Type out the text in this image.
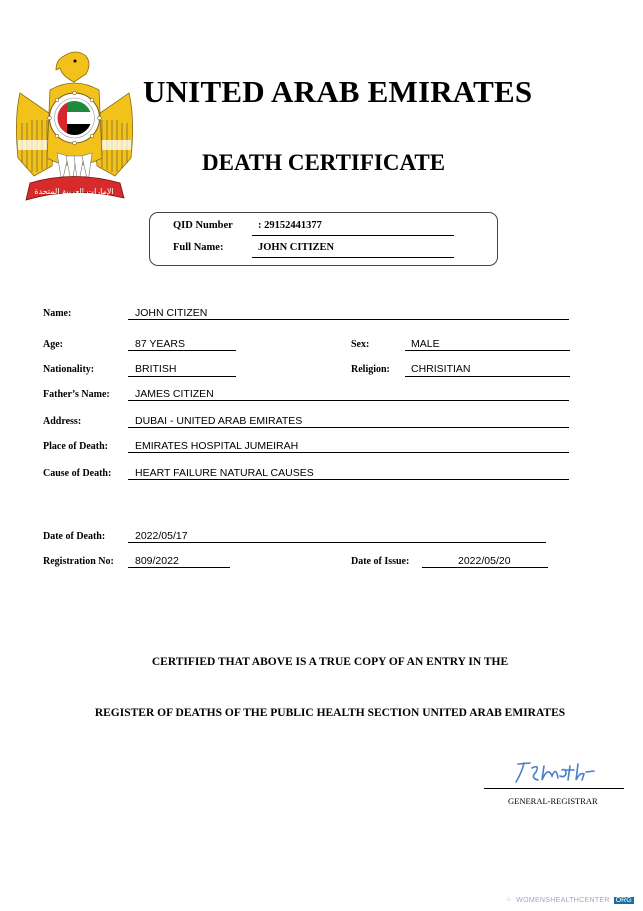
الإمارات العربية المتحدة
UNITED ARAB EMIRATES
DEATH CERTIFICATE
QID Number : 29152441377
Full Name:	JOHN CITIZEN
Name:	JOHN CITIZEN
Age:	87 YEARS	Sex:	MALE
Nationality:	BRITISH	Religion: CHRISITIAN
Father’s Name: JAMES CITIZEN
Address:	DUBAI - UNITED ARAB EMIRATES
Place of Death:	EMIRATES HOSPITAL JUMEIRAH
Cause of Death: HEART FAILURE NATURAL CAUSES
Date of Death:	2022/05/17
Registration No: 809/2022	Date of Issue:	2022/05/20
CERTIFIED THAT ABOVE IS A TRUE COPY OF AN ENTRY IN THE
REGISTER OF DEATHS OF THE PUBLIC HEALTH SECTION UNITED ARAB EMIRATES
GENERAL-REGISTRAR
⁘ WOMENSHEALTHCENTER ORG
